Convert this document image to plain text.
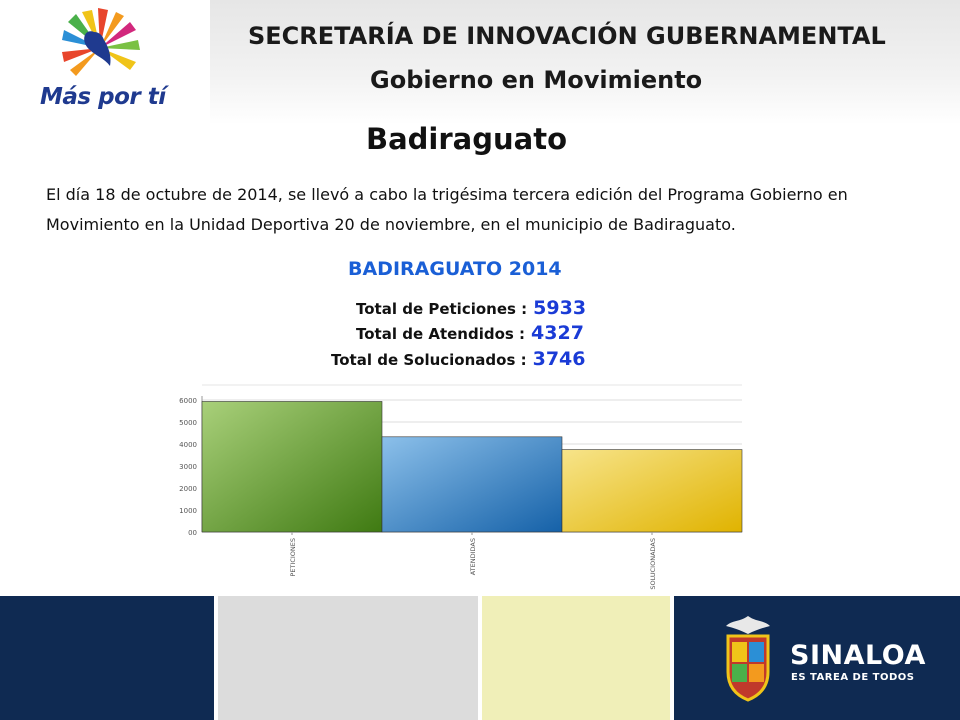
Más por tí
SECRETARÍA DE INNOVACIÓN GUBERNAMENTAL
Gobierno en Movimiento
Badiraguato
El día 18 de octubre de 2014, se llevó a cabo la trigésima tercera edición del Programa Gobierno en Movimiento en la Unidad Deportiva 20 de noviembre, en el municipio de Badiraguato.
BADIRAGUATO 2014
Total de Peticiones : 5933
Total de Atendidos : 4327
Total de Solucionados : 3746
00
1000
2000
3000
4000
5000
6000
PETICIONES	ATENDIDAS	SOLUCIONADAS
SINALOA
ES TAREA DE TODOS
